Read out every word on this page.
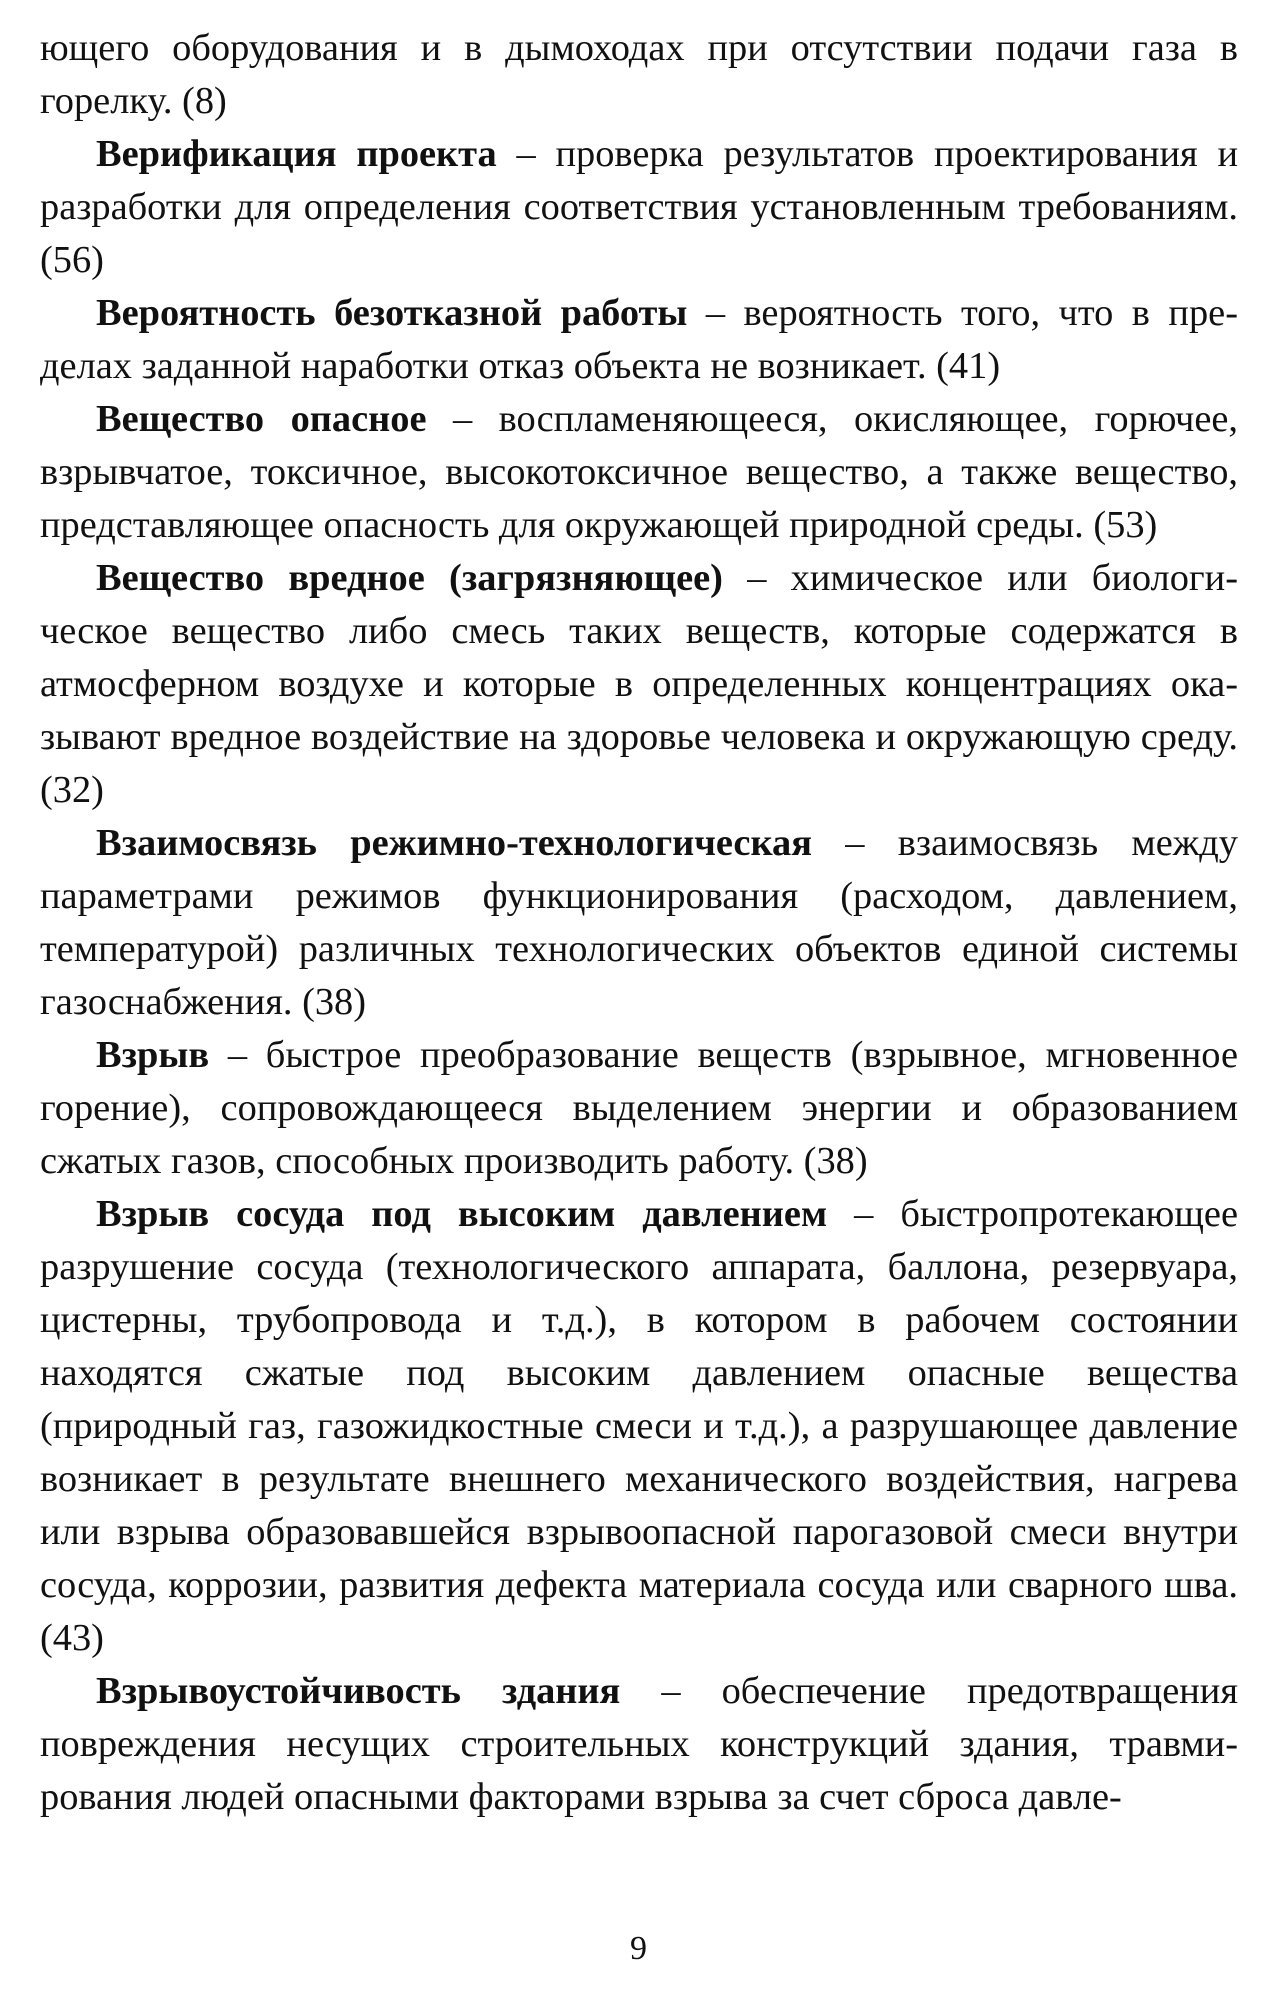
ющего оборудования и в дымоходах при отсутствии подачи газа в горелку. (8)

Верификация проекта – проверка результатов проектирования и разработки для определения соответствия установленным требованиям. (56)

Вероятность безотказной работы – вероятность того, что в пределах заданной наработки отказ объекта не возникает. (41)

Вещество опасное – воспламеняющееся, окисляющее, горючее, взрывчатое, токсичное, высокотоксичное вещество, а также вещество, представляющее опасность для окружающей природной среды. (53)

Вещество вредное (загрязняющее) – химическое или биологическое вещество либо смесь таких веществ, которые содержатся в атмосферном воздухе и которые в определенных концентрациях оказывают вредное воздействие на здоровье человека и окружающую среду. (32)

Взаимосвязь режимно-технологическая – взаимосвязь между параметрами режимов функционирования (расходом, давлением, температурой) различных технологических объектов единой системы газоснабжения. (38)

Взрыв – быстрое преобразование веществ (взрывное, мгновенное горение), сопровождающееся выделением энергии и образованием сжатых газов, способных производить работу. (38)

Взрыв сосуда под высоким давлением – быстропротекающее разрушение сосуда (технологического аппарата, баллона, резервуара, цистерны, трубопровода и т.д.), в котором в рабочем состоянии находятся сжатые под высоким давлением опасные вещества (природный газ, газожидкостные смеси и т.д.), а разрушающее давление возникает в результате внешнего механического воздействия, нагрева или взрыва образовавшейся взрывоопасной парогазовой смеси внутри сосуда, коррозии, развития дефекта материала сосуда или сварного шва. (43)

Взрывоустойчивость здания – обеспечение предотвращения повреждения несущих строительных конструкций здания, травмирования людей опасными факторами взрыва за счет сброса давле-

9
